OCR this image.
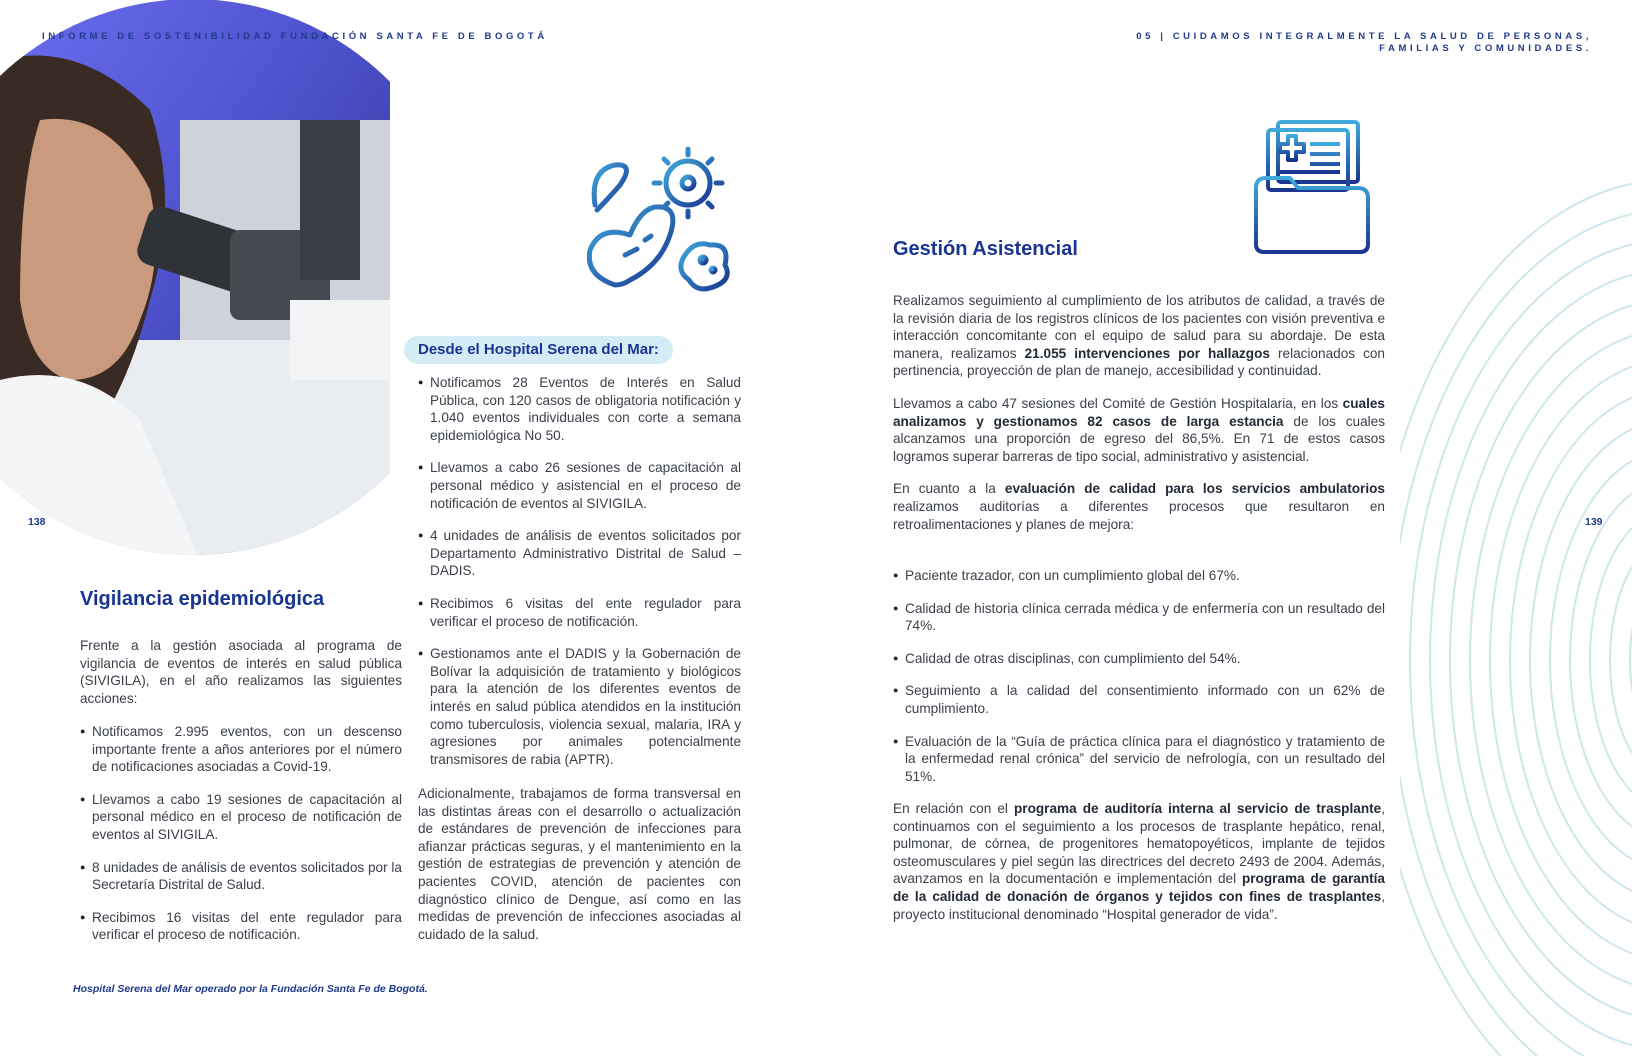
INFORME DE SOSTENIBILIDAD FUNDACIÓN SANTA FE DE BOGOTÁ	05 | CUIDAMOS INTEGRALMENTE LA SALUD DE PERSONAS,
FAMILIAS Y COMUNIDADES.
138	139
Vigilancia epidemiológica

Frente a la gestión asociada al programa de vigilancia de eventos de interés en salud pública (SIVIGILA), en el año realizamos las siguientes acciones:

● Notificamos 2.995 eventos, con un descenso importante frente a años anteriores por el número de notificaciones asociadas a Covid-19.
● Llevamos a cabo 19 sesiones de capacitación al personal médico en el proceso de notificación de eventos al SIVIGILA.
● 8 unidades de análisis de eventos solicitados por la Secretaría Distrital de Salud.
● Recibimos 16 visitas del ente regulador para verificar el proceso de notificación.
Hospital Serena del Mar operado por la Fundación Santa Fe de Bogotá.
Desde el Hospital Serena del Mar:
● Notificamos 28 Eventos de Interés en Salud Pública, con 120 casos de obligatoria notificación y 1.040 eventos individuales con corte a semana epidemiológica No 50.
● Llevamos a cabo 26 sesiones de capacitación al personal médico y asistencial en el proceso de notificación de eventos al SIVIGILA.
● 4 unidades de análisis de eventos solicitados por Departamento Administrativo Distrital de Salud – DADIS.
● Recibimos 6 visitas del ente regulador para verificar el proceso de notificación.
● Gestionamos ante el DADIS y la Gobernación de Bolívar la adquisición de tratamiento y biológicos para la atención de los diferentes eventos de interés en salud pública atendidos en la institución como tuberculosis, violencia sexual, malaria, IRA y agresiones por animales potencialmente transmisores de rabia (APTR).

Adicionalmente, trabajamos de forma transversal en las distintas áreas con el desarrollo o actualización de estándares de prevención de infecciones para afianzar prácticas seguras, y el mantenimiento en la gestión de estrategias de prevención y atención de pacientes COVID, atención de pacientes con diagnóstico clínico de Dengue, así como en las medidas de prevención de infecciones asociadas al cuidado de la salud.

Gestión Asistencial

Realizamos seguimiento al cumplimiento de los atributos de calidad, a través de la revisión diaria de los registros clínicos de los pacientes con visión preventiva e interacción concomitante con el equipo de salud para su abordaje. De esta manera, realizamos 21.055 intervenciones por hallazgos relacionados con pertinencia, proyección de plan de manejo, accesibilidad y continuidad.

Llevamos a cabo 47 sesiones del Comité de Gestión Hospitalaria, en los cuales analizamos y gestionamos 82 casos de larga estancia de los cuales alcanzamos una proporción de egreso del 86,5%. En 71 de estos casos logramos superar barreras de tipo social, administrativo y asistencial.

En cuanto a la evaluación de calidad para los servicios ambulatorios realizamos auditorías a diferentes procesos que resultaron en retroalimentaciones y planes de mejora:

● Paciente trazador, con un cumplimiento global del 67%.
● Calidad de historia clínica cerrada médica y de enfermería con un resultado del 74%.
● Calidad de otras disciplinas, con cumplimiento del 54%.
● Seguimiento a la calidad del consentimiento informado con un 62% de cumplimiento.
● Evaluación de la “Guía de práctica clínica para el diagnóstico y tratamiento de la enfermedad renal crónica” del servicio de nefrología, con un resultado del 51%.

En relación con el programa de auditoría interna al servicio de trasplante, continuamos con el seguimiento a los procesos de trasplante hepático, renal, pulmonar, de córnea, de progenitores hematopoyéticos, implante de tejidos osteomusculares y piel según las directrices del decreto 2493 de 2004. Además, avanzamos en la documentación e implementación del programa de garantía de la calidad de donación de órganos y tejidos con fines de trasplantes, proyecto institucional denominado “Hospital generador de vida”.
